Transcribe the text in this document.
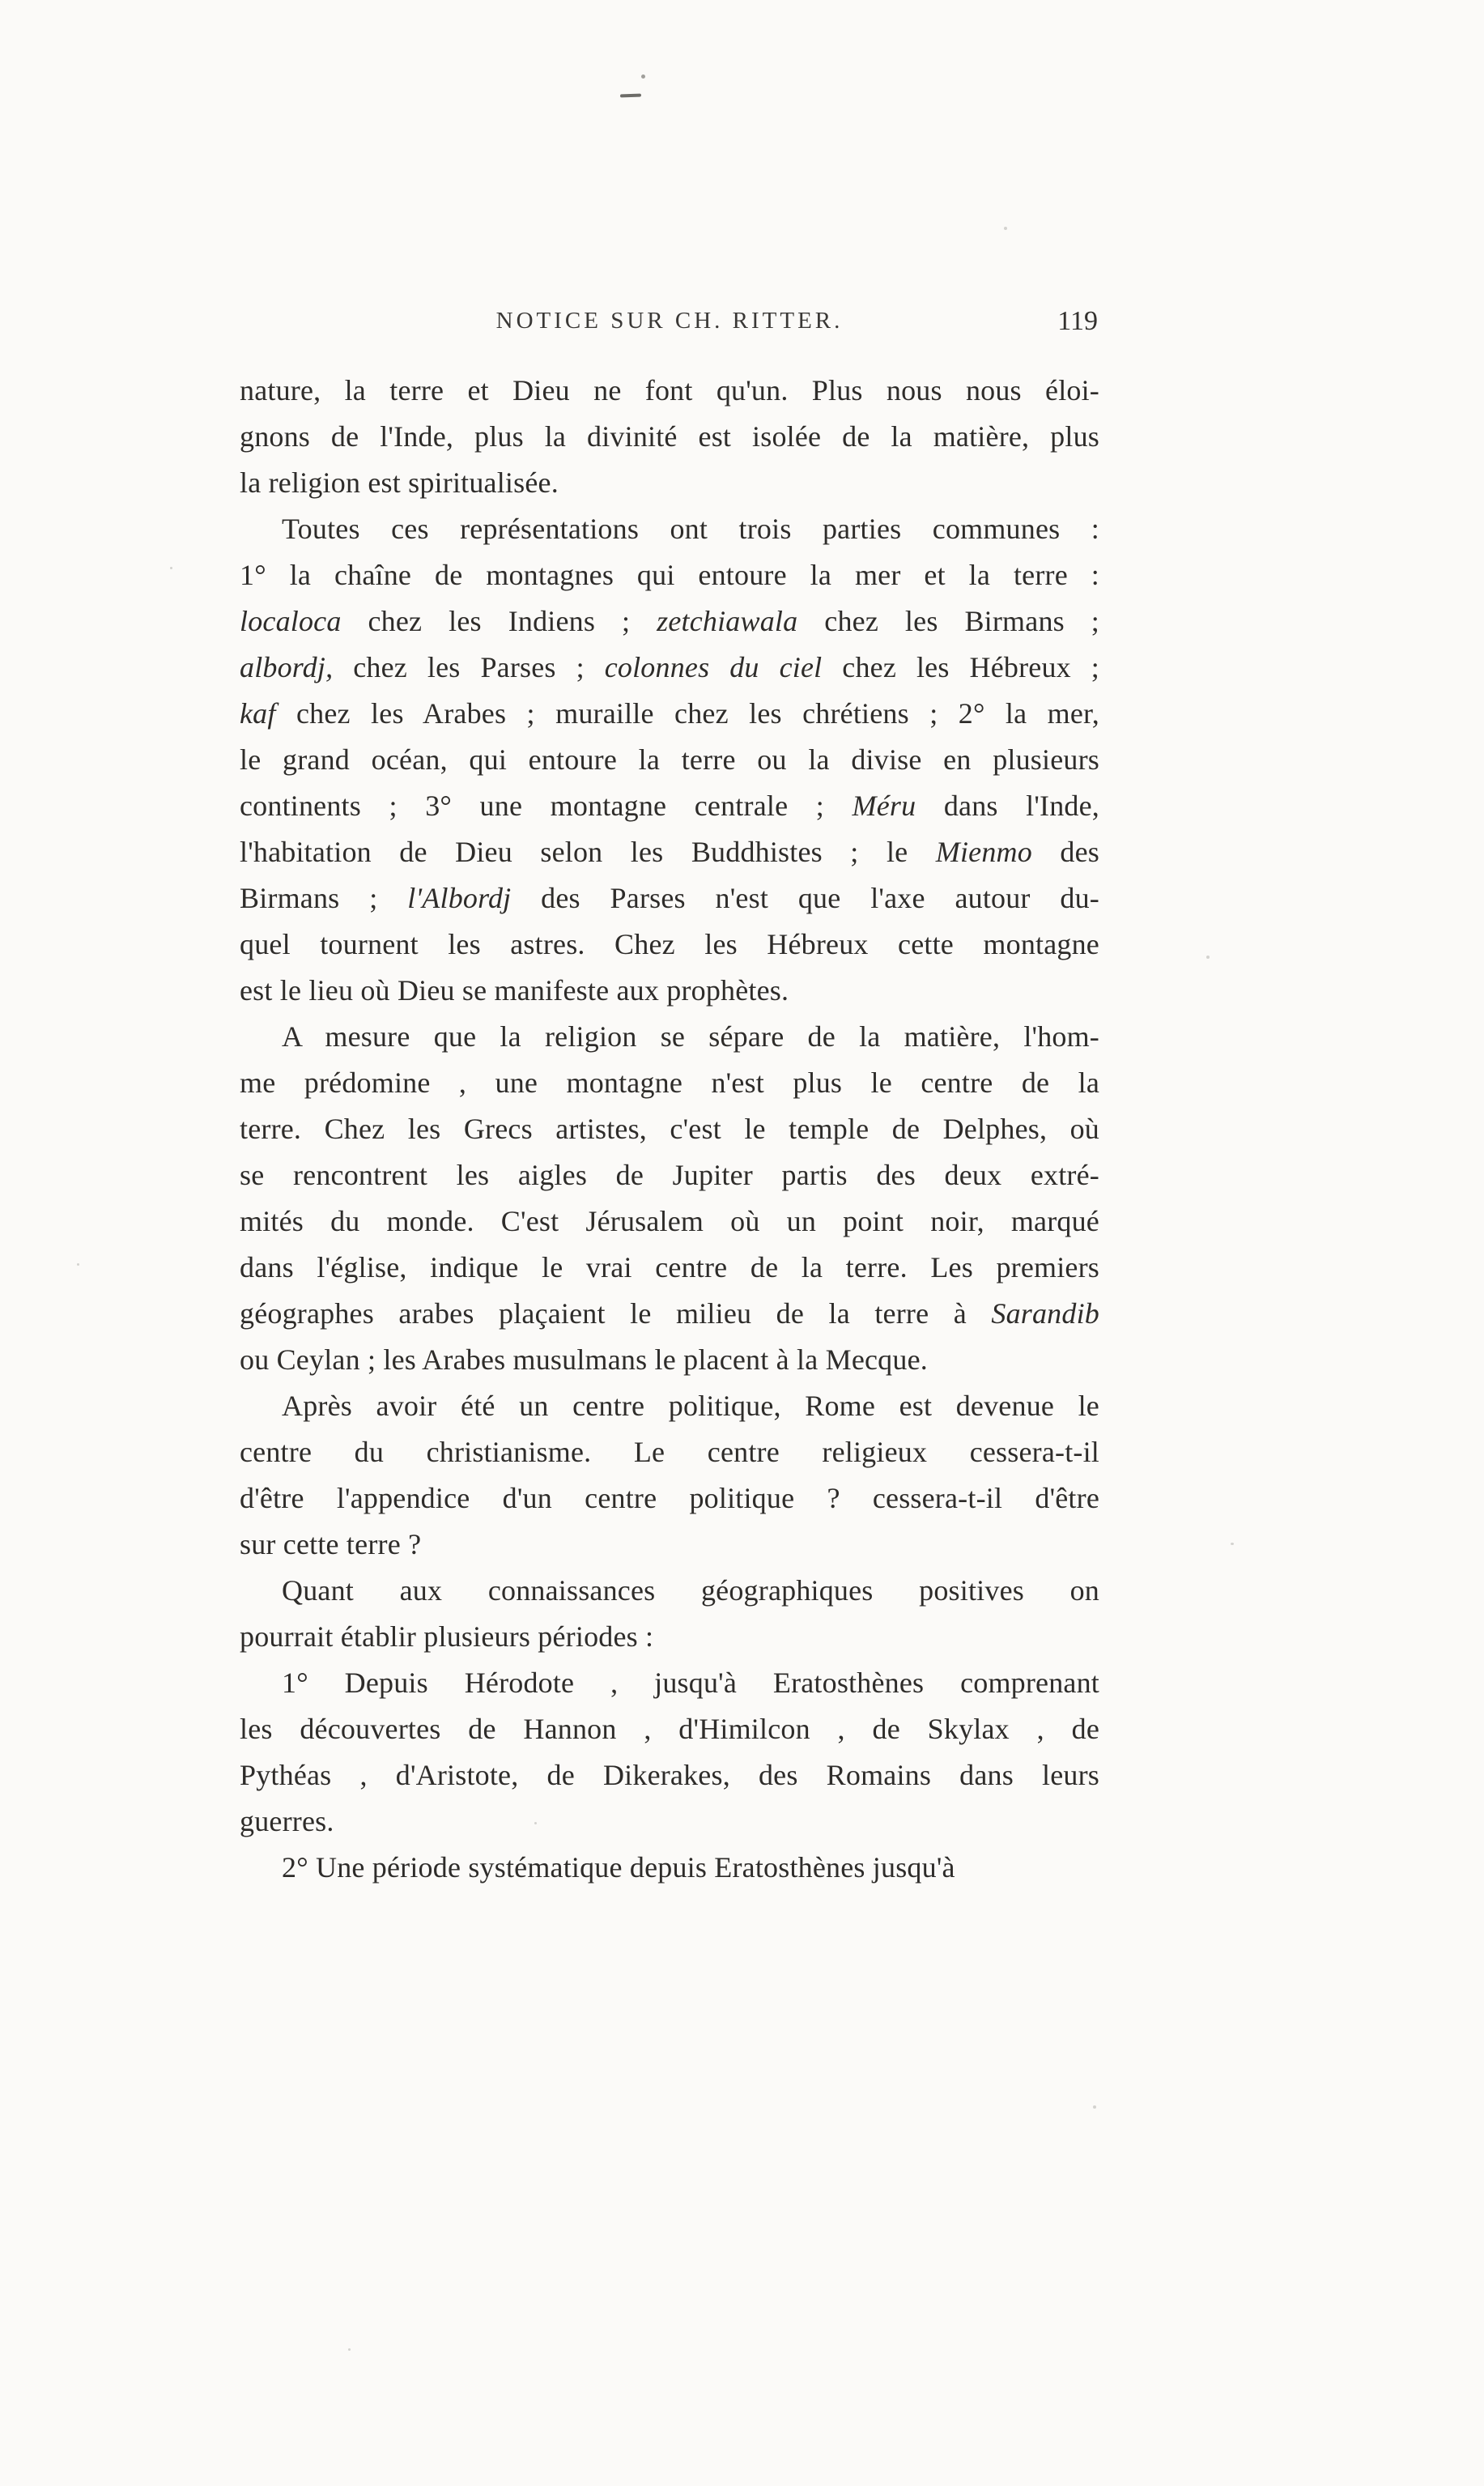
NOTICE SUR CH. RITTER.	119
nature, la terre et Dieu ne font qu'un. Plus nous nous éloi-
gnons de l'Inde, plus la divinité est isolée de la matière, plus
la religion est spiritualisée.
Toutes ces représentations ont trois parties communes :
1° la chaîne de montagnes qui entoure la mer et la terre :
localoca chez les Indiens ; zetchiawala chez les Birmans ;
albordj, chez les Parses ; colonnes du ciel chez les Hébreux ;
kaf chez les Arabes ; muraille chez les chrétiens ; 2° la mer,
le grand océan, qui entoure la terre ou la divise en plusieurs
continents ; 3° une montagne centrale ; Méru dans l'Inde,
l'habitation de Dieu selon les Buddhistes ; le Mienmo des
Birmans ; l'Albordj des Parses n'est que l'axe autour du-
quel tournent les astres. Chez les Hébreux cette montagne
est le lieu où Dieu se manifeste aux prophètes.
A mesure que la religion se sépare de la matière, l'hom-
me prédomine , une montagne n'est plus le centre de la
terre. Chez les Grecs artistes, c'est le temple de Delphes, où
se rencontrent les aigles de Jupiter partis des deux extré-
mités du monde. C'est Jérusalem où un point noir, marqué
dans l'église, indique le vrai centre de la terre. Les premiers
géographes arabes plaçaient le milieu de la terre à Sarandib
ou Ceylan ; les Arabes musulmans le placent à la Mecque.
Après avoir été un centre politique, Rome est devenue le
centre du christianisme. Le centre religieux cessera-t-il
d'être l'appendice d'un centre politique ? cessera-t-il d'être
sur cette terre ?
Quant aux connaissances géographiques positives on
pourrait établir plusieurs périodes :
1° Depuis Hérodote , jusqu'à Eratosthènes comprenant
les découvertes de Hannon , d'Himilcon , de Skylax , de
Pythéas , d'Aristote, de Dikerakes, des Romains dans leurs
guerres.
2° Une période systématique depuis Eratosthènes jusqu'à
